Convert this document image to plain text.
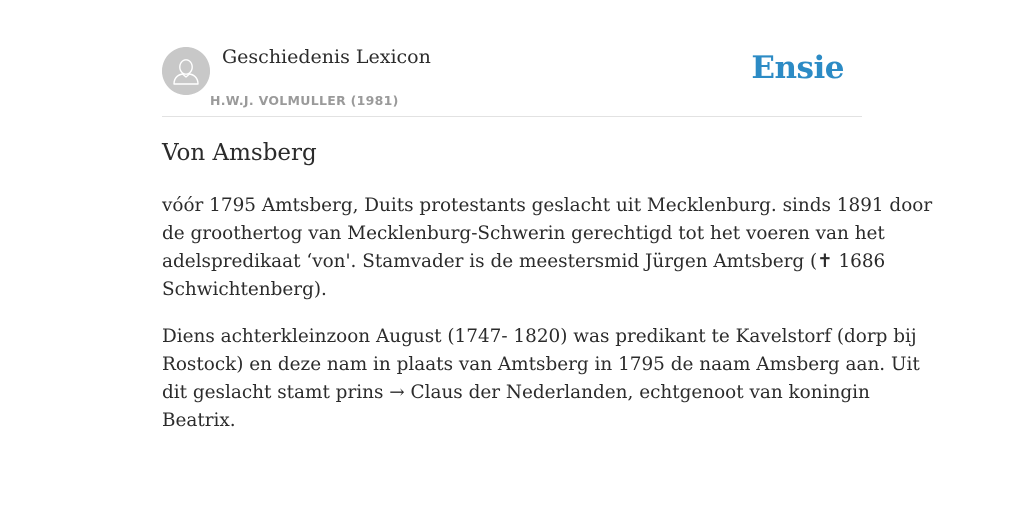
Geschiedenis Lexicon
H.W.J. VOLMULLER (1981)
Ensie
Von Amsberg

vóór 1795 Amtsberg, Duits protestants geslacht uit Mecklenburg. sinds 1891 door
de groothertog van Mecklenburg-Schwerin gerechtigd tot het voeren van het
adelspredikaat ‘von'. Stamvader is de meestersmid Jürgen Amtsberg (✝ 1686
Schwichtenberg).

Diens achterkleinzoon August (1747- 1820) was predikant te Kavelstorf (dorp bij
Rostock) en deze nam in plaats van Amtsberg in 1795 de naam Amsberg aan. Uit
dit geslacht stamt prins → Claus der Nederlanden, echtgenoot van koningin
Beatrix.
